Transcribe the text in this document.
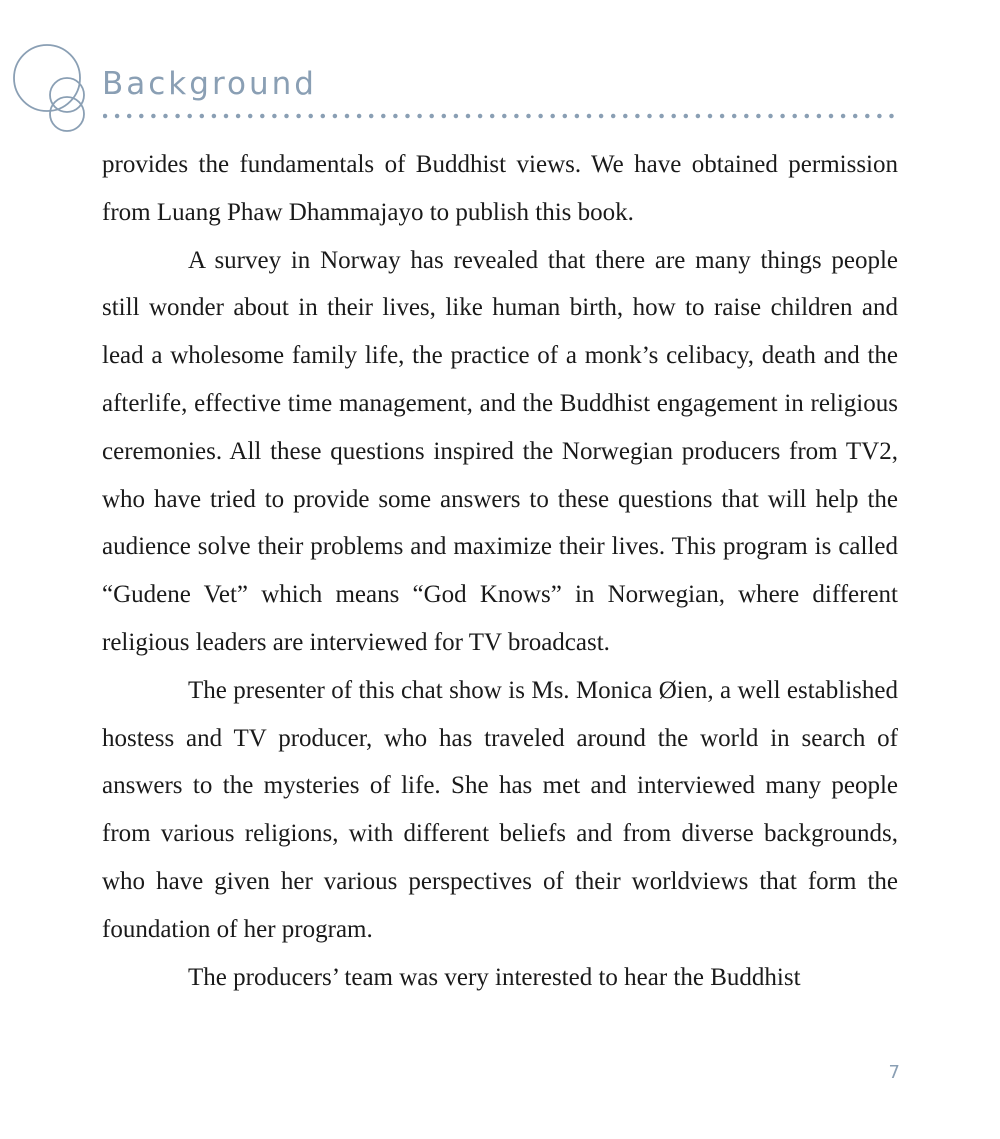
Background

provides the fundamentals of Buddhist views. We have obtained permission from Luang Phaw Dhammajayo to publish this book.

A survey in Norway has revealed that there are many things people still wonder about in their lives, like human birth, how to raise children and lead a wholesome family life, the practice of a monk’s celibacy, death and the afterlife, effective time management, and the Buddhist engagement in religious ceremonies. All these questions inspired the Norwegian producers from TV2, who have tried to provide some answers to these questions that will help the audience solve their problems and maximize their lives. This program is called “Gudene Vet” which means “God Knows” in Norwegian, where different religious leaders are interviewed for TV broadcast.

The presenter of this chat show is Ms. Monica Øien, a well established hostess and TV producer, who has traveled around the world in search of answers to the mysteries of life. She has met and interviewed many people from various religions, with different beliefs and from diverse backgrounds, who have given her various perspectives of their worldviews that form the foundation of her program.

The producers’ team was very interested to hear the Buddhist

7
